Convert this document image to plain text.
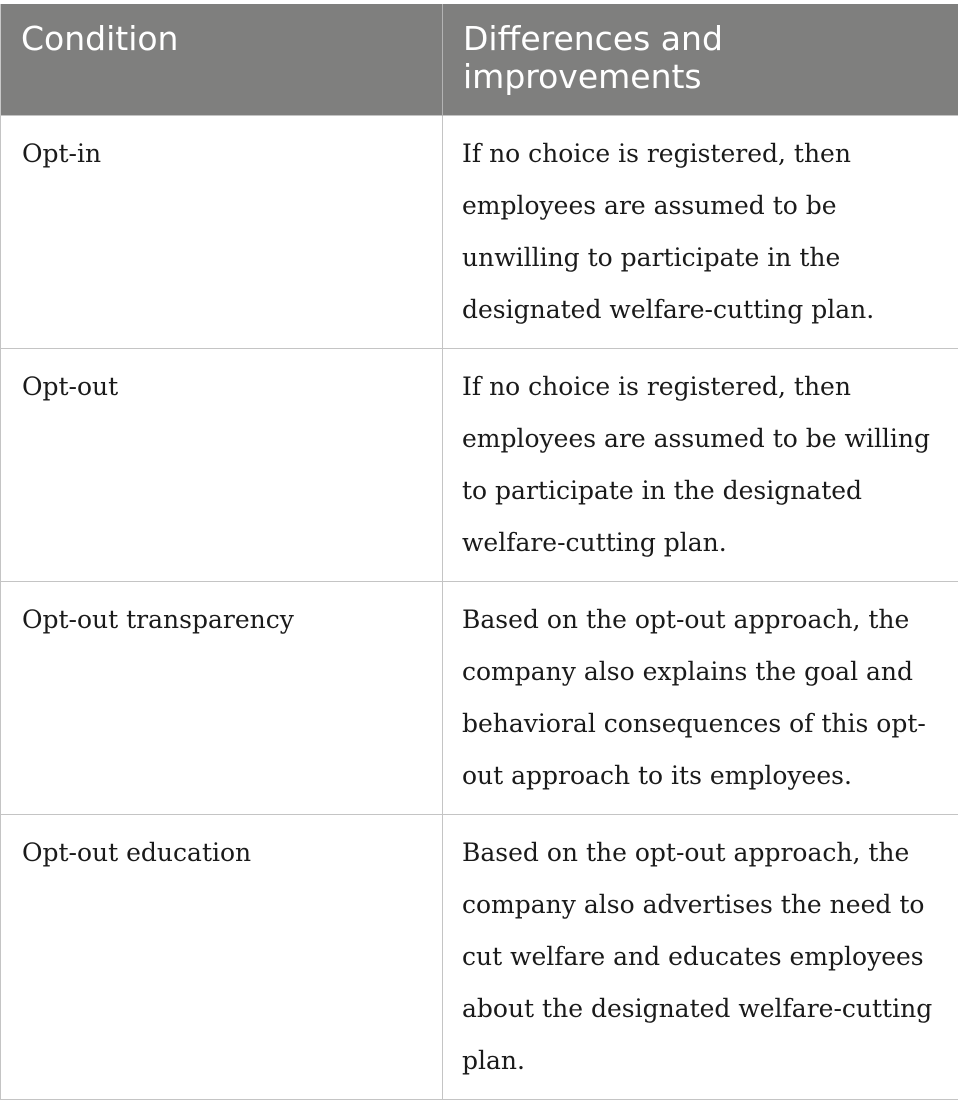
Condition	Differences and improvements
Opt-in	If no choice is registered, then employees are assumed to be unwilling to participate in the designated welfare-cutting plan.
Opt-out	If no choice is registered, then employees are assumed to be willing to participate in the designated welfare-cutting plan.
Opt-out transparency	Based on the opt-out approach, the company also explains the goal and behavioral consequences of this opt-out approach to its employees.
Opt-out education	Based on the opt-out approach, the company also advertises the need to cut welfare and educates employees about the designated welfare-cutting plan.
